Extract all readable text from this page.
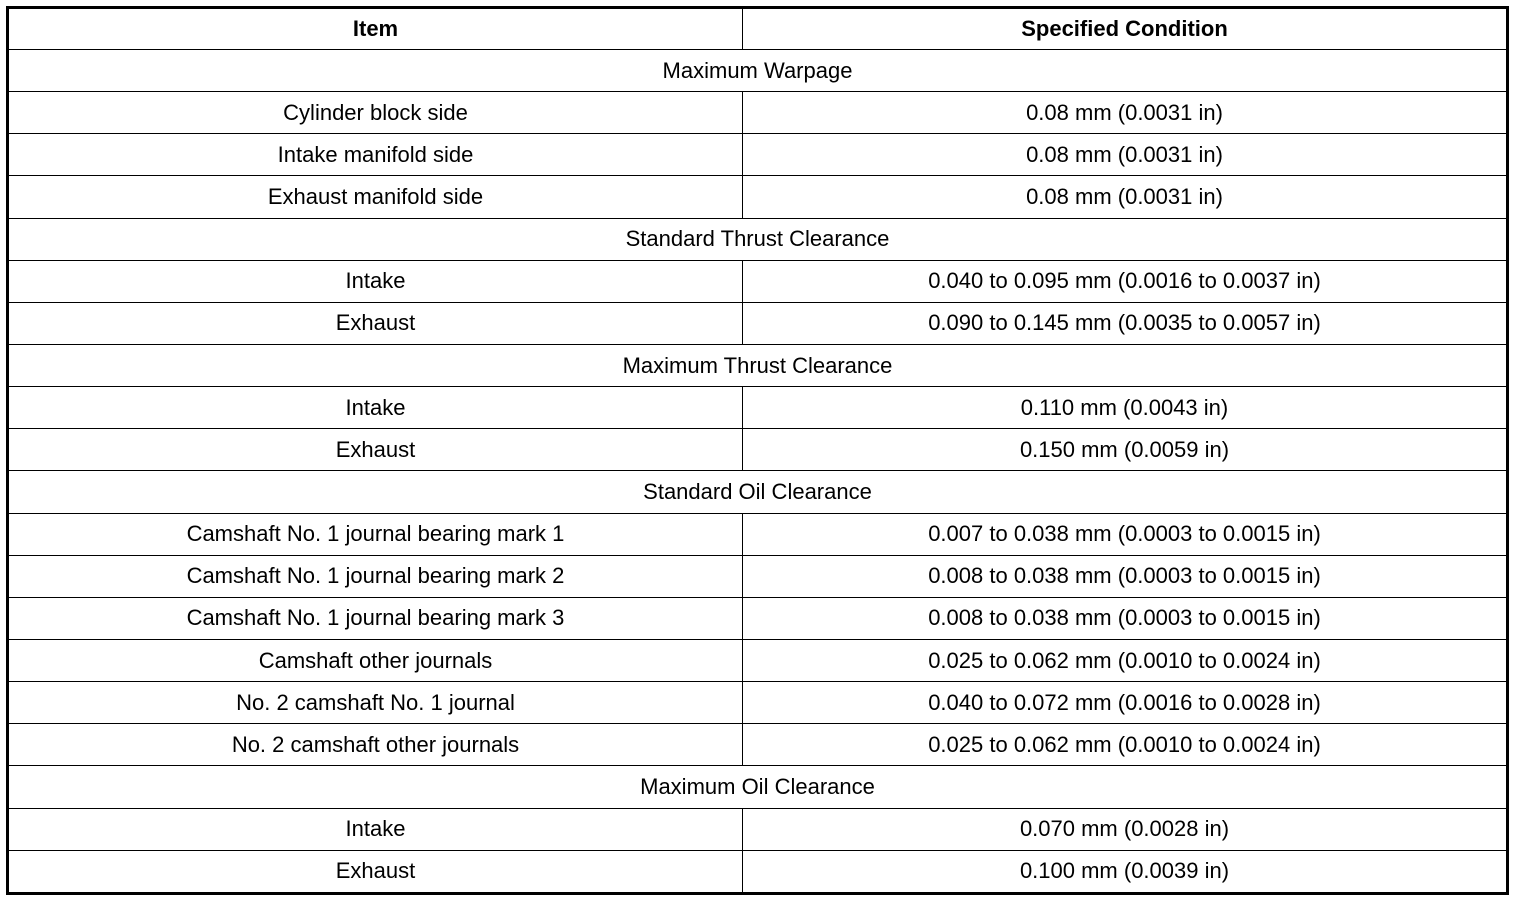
Item	Specified Condition
Maximum Warpage	
Cylinder block side	0.08 mm (0.0031 in)
Intake manifold side	0.08 mm (0.0031 in)
Exhaust manifold side	0.08 mm (0.0031 in)
Standard Thrust Clearance	
Intake	0.040 to 0.095 mm (0.0016 to 0.0037 in)
Exhaust	0.090 to 0.145 mm (0.0035 to 0.0057 in)
Maximum Thrust Clearance	
Intake	0.110 mm (0.0043 in)
Exhaust	0.150 mm (0.0059 in)
Standard Oil Clearance	
Camshaft No. 1 journal bearing mark 1	0.007 to 0.038 mm (0.0003 to 0.0015 in)
Camshaft No. 1 journal bearing mark 2	0.008 to 0.038 mm (0.0003 to 0.0015 in)
Camshaft No. 1 journal bearing mark 3	0.008 to 0.038 mm (0.0003 to 0.0015 in)
Camshaft other journals	0.025 to 0.062 mm (0.0010 to 0.0024 in)
No. 2 camshaft No. 1 journal	0.040 to 0.072 mm (0.0016 to 0.0028 in)
No. 2 camshaft other journals	0.025 to 0.062 mm (0.0010 to 0.0024 in)
Maximum Oil Clearance	
Intake	0.070 mm (0.0028 in)
Exhaust	0.100 mm (0.0039 in)
